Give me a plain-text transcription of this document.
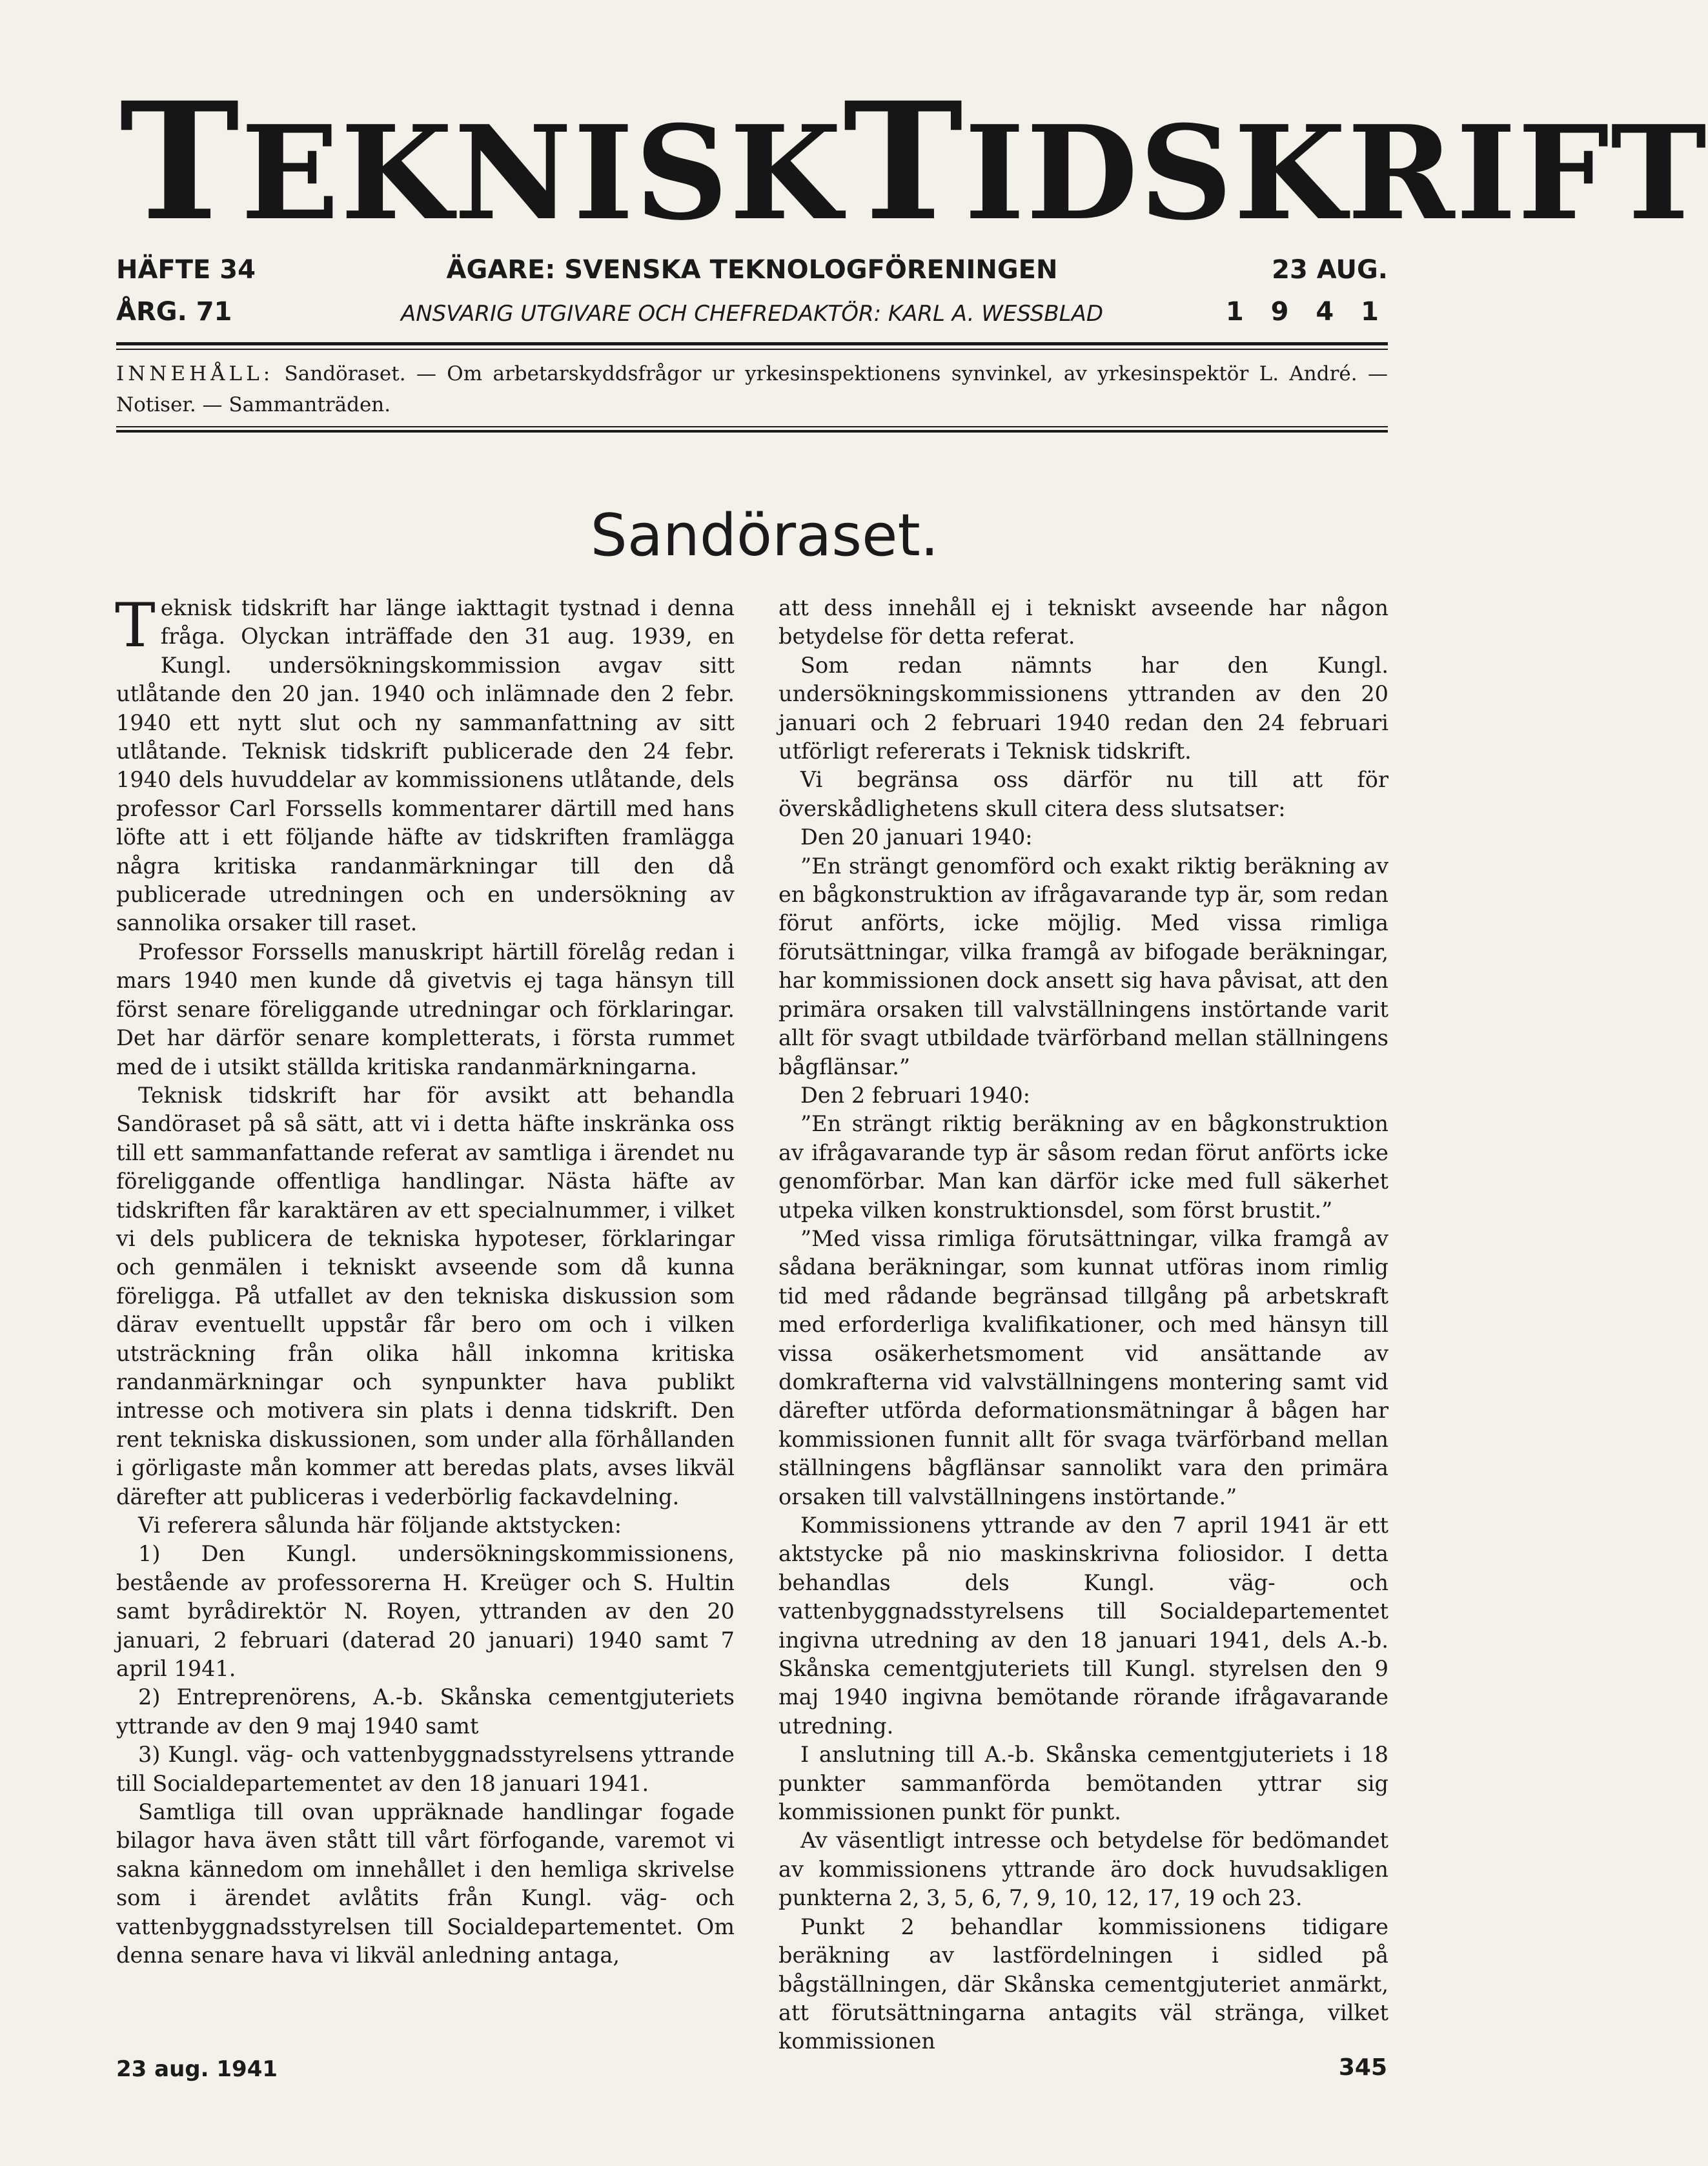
TEKNISKTIDSKRIFT
HÄFTE 34	ÄGARE: SVENSKA TEKNOLOGFÖRENINGEN	23 AUG.
ÅRG. 71	ANSVARIG UTGIVARE OCH CHEFREDAKTÖR: KARL A. WESSBLAD	1 9 4 1
INNEHÅLL: Sandöraset. — Om arbetarskyddsfrågor ur yrkesinspektionens synvinkel, av yrkesinspektör L. André. — Notiser. — Sammanträden.
Sandöraset.

Teknisk tidskrift har länge iakttagit tystnad i denna fråga. Olyckan inträffade den 31 aug. 1939, en Kungl. undersökningskommission avgav sitt utlåtande den 20 jan. 1940 och inlämnade den 2 febr. 1940 ett nytt slut och ny sammanfattning av sitt utlåtande. Teknisk tidskrift publicerade den 24 febr. 1940 dels huvuddelar av kommissionens utlåtande, dels professor Carl Forssells kommentarer därtill med hans löfte att i ett följande häfte av tidskriften framlägga några kritiska randanmärkningar till den då publicerade utredningen och en undersökning av sannolika orsaker till raset.

Professor Forssells manuskript härtill förelåg redan i mars 1940 men kunde då givetvis ej taga hänsyn till först senare föreliggande utredningar och förklaringar. Det har därför senare kompletterats, i första rummet med de i utsikt ställda kritiska randanmärkningarna.

Teknisk tidskrift har för avsikt att behandla Sandöraset på så sätt, att vi i detta häfte inskränka oss till ett sammanfattande referat av samtliga i ärendet nu föreliggande offentliga handlingar. Nästa häfte av tidskriften får karaktären av ett specialnummer, i vilket vi dels publicera de tekniska hypoteser, förklaringar och genmälen i tekniskt avseende som då kunna föreligga. På utfallet av den tekniska diskussion som därav eventuellt uppstår får bero om och i vilken utsträckning från olika håll inkomna kritiska randanmärkningar och synpunkter hava publikt intresse och motivera sin plats i denna tidskrift. Den rent tekniska diskussionen, som under alla förhållanden i görligaste mån kommer att beredas plats, avses likväl därefter att publiceras i vederbörlig fackavdelning.

Vi referera sålunda här följande aktstycken:

1) Den Kungl. undersökningskommissionens, bestående av professorerna H. Kreüger och S. Hultin samt byrådirektör N. Royen, yttranden av den 20 januari, 2 februari (daterad 20 januari) 1940 samt 7 april 1941.

2) Entreprenörens, A.-b. Skånska cementgjuteriets yttrande av den 9 maj 1940 samt

3) Kungl. väg- och vattenbyggnadsstyrelsens yttrande till Socialdepartementet av den 18 januari 1941.

Samtliga till ovan uppräknade handlingar fogade bilagor hava även stått till vårt förfogande, varemot vi sakna kännedom om innehållet i den hemliga skrivelse som i ärendet avlåtits från Kungl. väg- och vattenbyggnadsstyrelsen till Socialdepartementet. Om denna senare hava vi likväl anledning antaga,

att dess innehåll ej i tekniskt avseende har någon betydelse för detta referat.

Som redan nämnts har den Kungl. undersökningskommissionens yttranden av den 20 januari och 2 februari 1940 redan den 24 februari utförligt refererats i Teknisk tidskrift.

Vi begränsa oss därför nu till att för överskådlighetens skull citera dess slutsatser:

Den 20 januari 1940:

”En strängt genomförd och exakt riktig beräkning av en bågkonstruktion av ifrågavarande typ är, som redan förut anförts, icke möjlig. Med vissa rimliga förutsättningar, vilka framgå av bifogade beräkningar, har kommissionen dock ansett sig hava påvisat, att den primära orsaken till valvställningens instörtande varit allt för svagt utbildade tvärförband mellan ställningens bågflänsar.”

Den 2 februari 1940:

”En strängt riktig beräkning av en bågkonstruktion av ifrågavarande typ är såsom redan förut anförts icke genomförbar. Man kan därför icke med full säkerhet utpeka vilken konstruktionsdel, som först brustit.”

”Med vissa rimliga förutsättningar, vilka framgå av sådana beräkningar, som kunnat utföras inom rimlig tid med rådande begränsad tillgång på arbetskraft med erforderliga kvalifikationer, och med hänsyn till vissa osäkerhetsmoment vid ansättande av domkrafterna vid valvställningens montering samt vid därefter utförda deformationsmätningar å bågen har kommissionen funnit allt för svaga tvärförband mellan ställningens bågflänsar sannolikt vara den primära orsaken till valvställningens instörtande.”

Kommissionens yttrande av den 7 april 1941 är ett aktstycke på nio maskinskrivna foliosidor. I detta behandlas dels Kungl. väg- och vattenbyggnadsstyrelsens till Socialdepartementet ingivna utredning av den 18 januari 1941, dels A.-b. Skånska cementgjuteriets till Kungl. styrelsen den 9 maj 1940 ingivna bemötande rörande ifrågavarande utredning.

I anslutning till A.-b. Skånska cementgjuteriets i 18 punkter sammanförda bemötanden yttrar sig kommissionen punkt för punkt.

Av väsentligt intresse och betydelse för bedömandet av kommissionens yttrande äro dock huvudsakligen punkterna 2, 3, 5, 6, 7, 9, 10, 12, 17, 19 och 23.

Punkt 2 behandlar kommissionens tidigare beräkning av lastfördelningen i sidled på bågställningen, där Skånska cementgjuteriet anmärkt, att förutsättningarna antagits väl stränga, vilket kommissionen

23 aug. 1941	345
